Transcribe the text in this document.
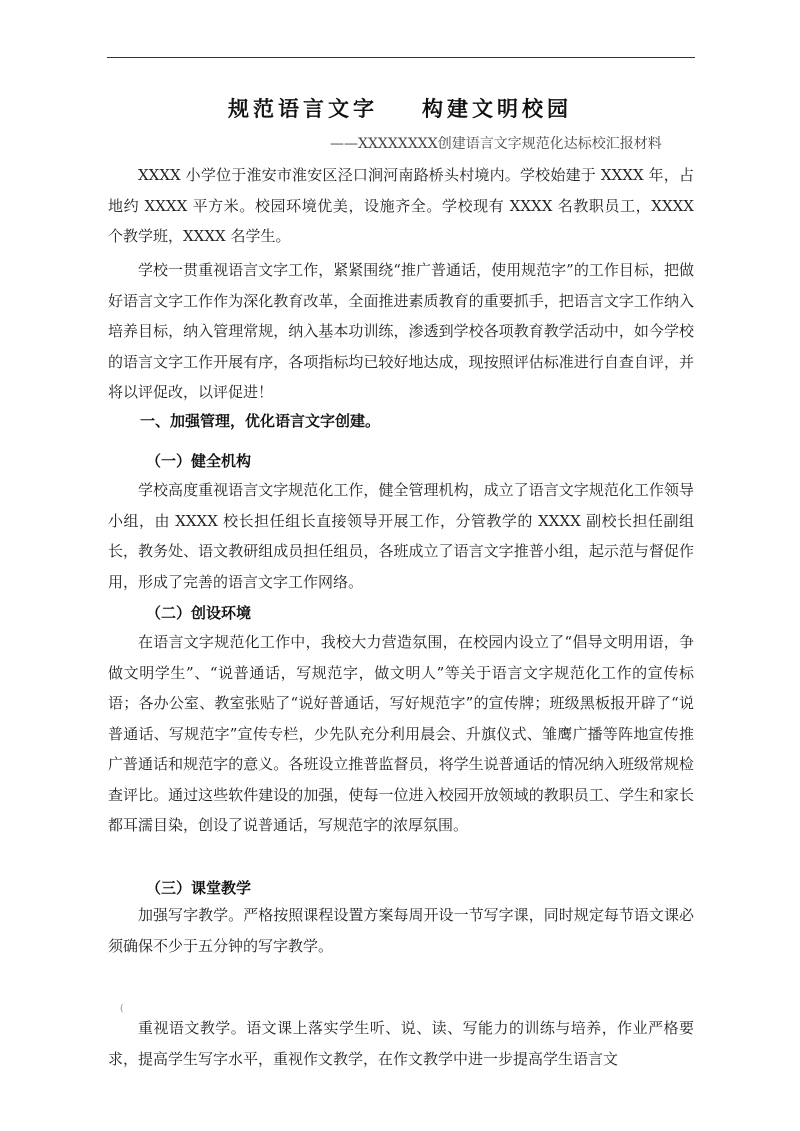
规范语言文字 构建文明校园
——XXXXXXXX创建语言文字规范化达标校汇报材料
XXXX 小学位于淮安市淮安区泾口涧河南路桥头村境内。学校始建于 XXXX 年，占地约 XXXX 平方米。校园环境优美，设施齐全。学校现有 XXXX 名教职员工，XXXX 个教学班，XXXX 名学生。
学校一贯重视语言文字工作，紧紧围绕“推广普通话，使用规范字”的工作目标，把做好语言文字工作作为深化教育改革，全面推进素质教育的重要抓手，把语言文字工作纳入培养目标，纳入管理常规，纳入基本功训练，渗透到学校各项教育教学活动中，如今学校的语言文字工作开展有序，各项指标均已较好地达成，现按照评估标准进行自查自评，并将以评促改，以评促进！
一、加强管理，优化语言文字创建。
（一）健全机构
学校高度重视语言文字规范化工作，健全管理机构，成立了语言文字规范化工作领导小组，由 XXXX 校长担任组长直接领导开展工作，分管教学的 XXXX 副校长担任副组长，教务处、语文教研组成员担任组员，各班成立了语言文字推普小组，起示范与督促作用，形成了完善的语言文字工作网络。
（二）创设环境
在语言文字规范化工作中，我校大力营造氛围，在校园内设立了“倡导文明用语，争做文明学生”、“说普通话，写规范字，做文明人”等关于语言文字规范化工作的宣传标语；各办公室、教室张贴了“说好普通话，写好规范字”的宣传牌；班级黑板报开辟了“说普通话、写规范字”宣传专栏，少先队充分利用晨会、升旗仪式、雏鹰广播等阵地宣传推广普通话和规范字的意义。各班设立推普监督员，将学生说普通话的情况纳入班级常规检查评比。通过这些软件建设的加强，使每一位进入校园开放领域的教职员工、学生和家长都耳濡目染，创设了说普通话，写规范字的浓厚氛围。
（三）课堂教学
加强写字教学。严格按照课程设置方案每周开设一节写字课，同时规定每节语文课必须确保不少于五分钟的写字教学。
(
重视语文教学。语文课上落实学生听、说、读、写能力的训练与培养，作业严格要求，提高学生写字水平，重视作文教学，在作文教学中进一步提高学生语言文
